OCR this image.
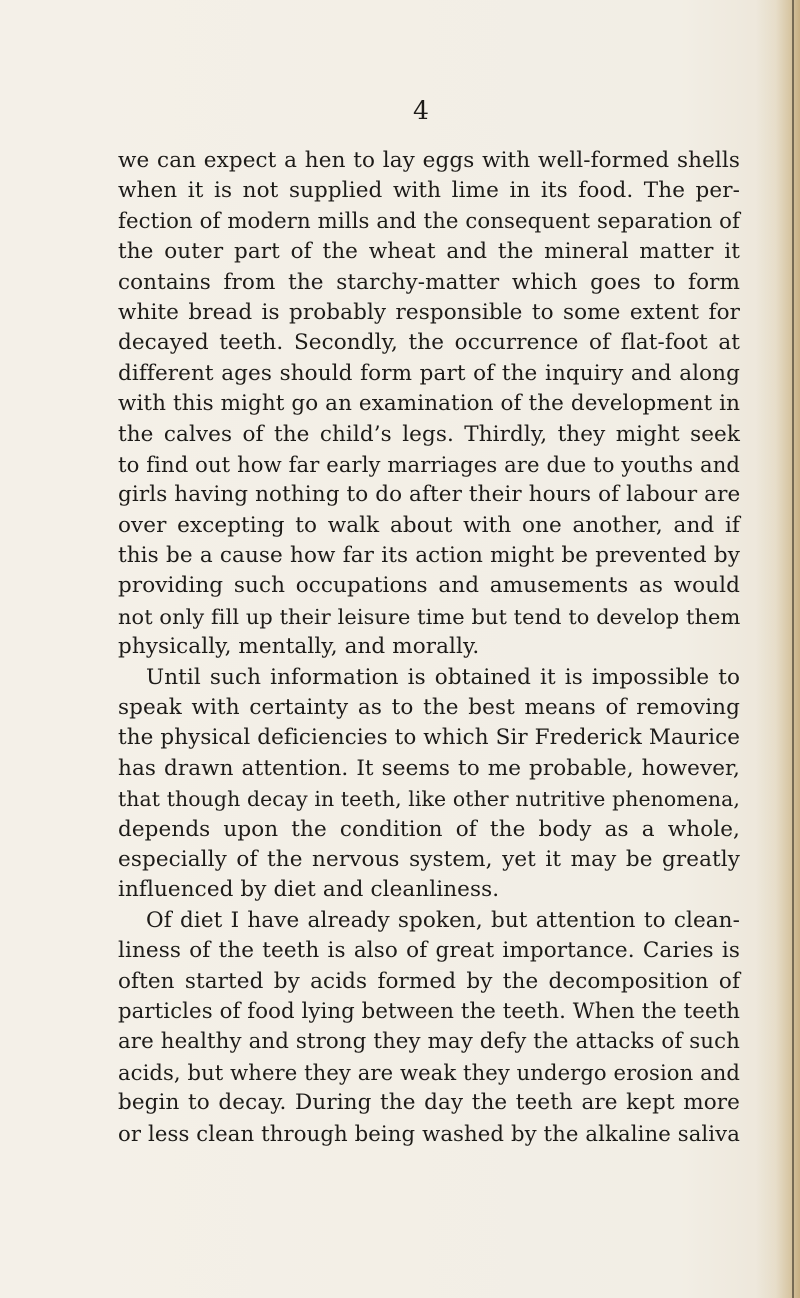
4
we can expect a hen to lay eggs with well-formed shells
when it is not supplied with lime in its food. The per-
fection of modern mills and the consequent separation of
the outer part of the wheat and the mineral matter it
contains from the starchy-matter which goes to form
white bread is probably responsible to some extent for
decayed teeth. Secondly, the occurrence of flat-foot at
different ages should form part of the inquiry and along
with this might go an examination of the development in
the calves of the child’s legs. Thirdly, they might seek
to find out how far early marriages are due to youths and
girls having nothing to do after their hours of labour are
over excepting to walk about with one another, and if
this be a cause how far its action might be prevented by
providing such occupations and amusements as would
not only fill up their leisure time but tend to develop them
physically, mentally, and morally.
Until such information is obtained it is impossible to
speak with certainty as to the best means of removing
the physical deficiencies to which Sir Frederick Maurice
has drawn attention. It seems to me probable, however,
that though decay in teeth, like other nutritive phenomena,
depends upon the condition of the body as a whole,
especially of the nervous system, yet it may be greatly
influenced by diet and cleanliness.
Of diet I have already spoken, but attention to clean-
liness of the teeth is also of great importance. Caries is
often started by acids formed by the decomposition of
particles of food lying between the teeth. When the teeth
are healthy and strong they may defy the attacks of such
acids, but where they are weak they undergo erosion and
begin to decay. During the day the teeth are kept more
or less clean through being washed by the alkaline saliva
